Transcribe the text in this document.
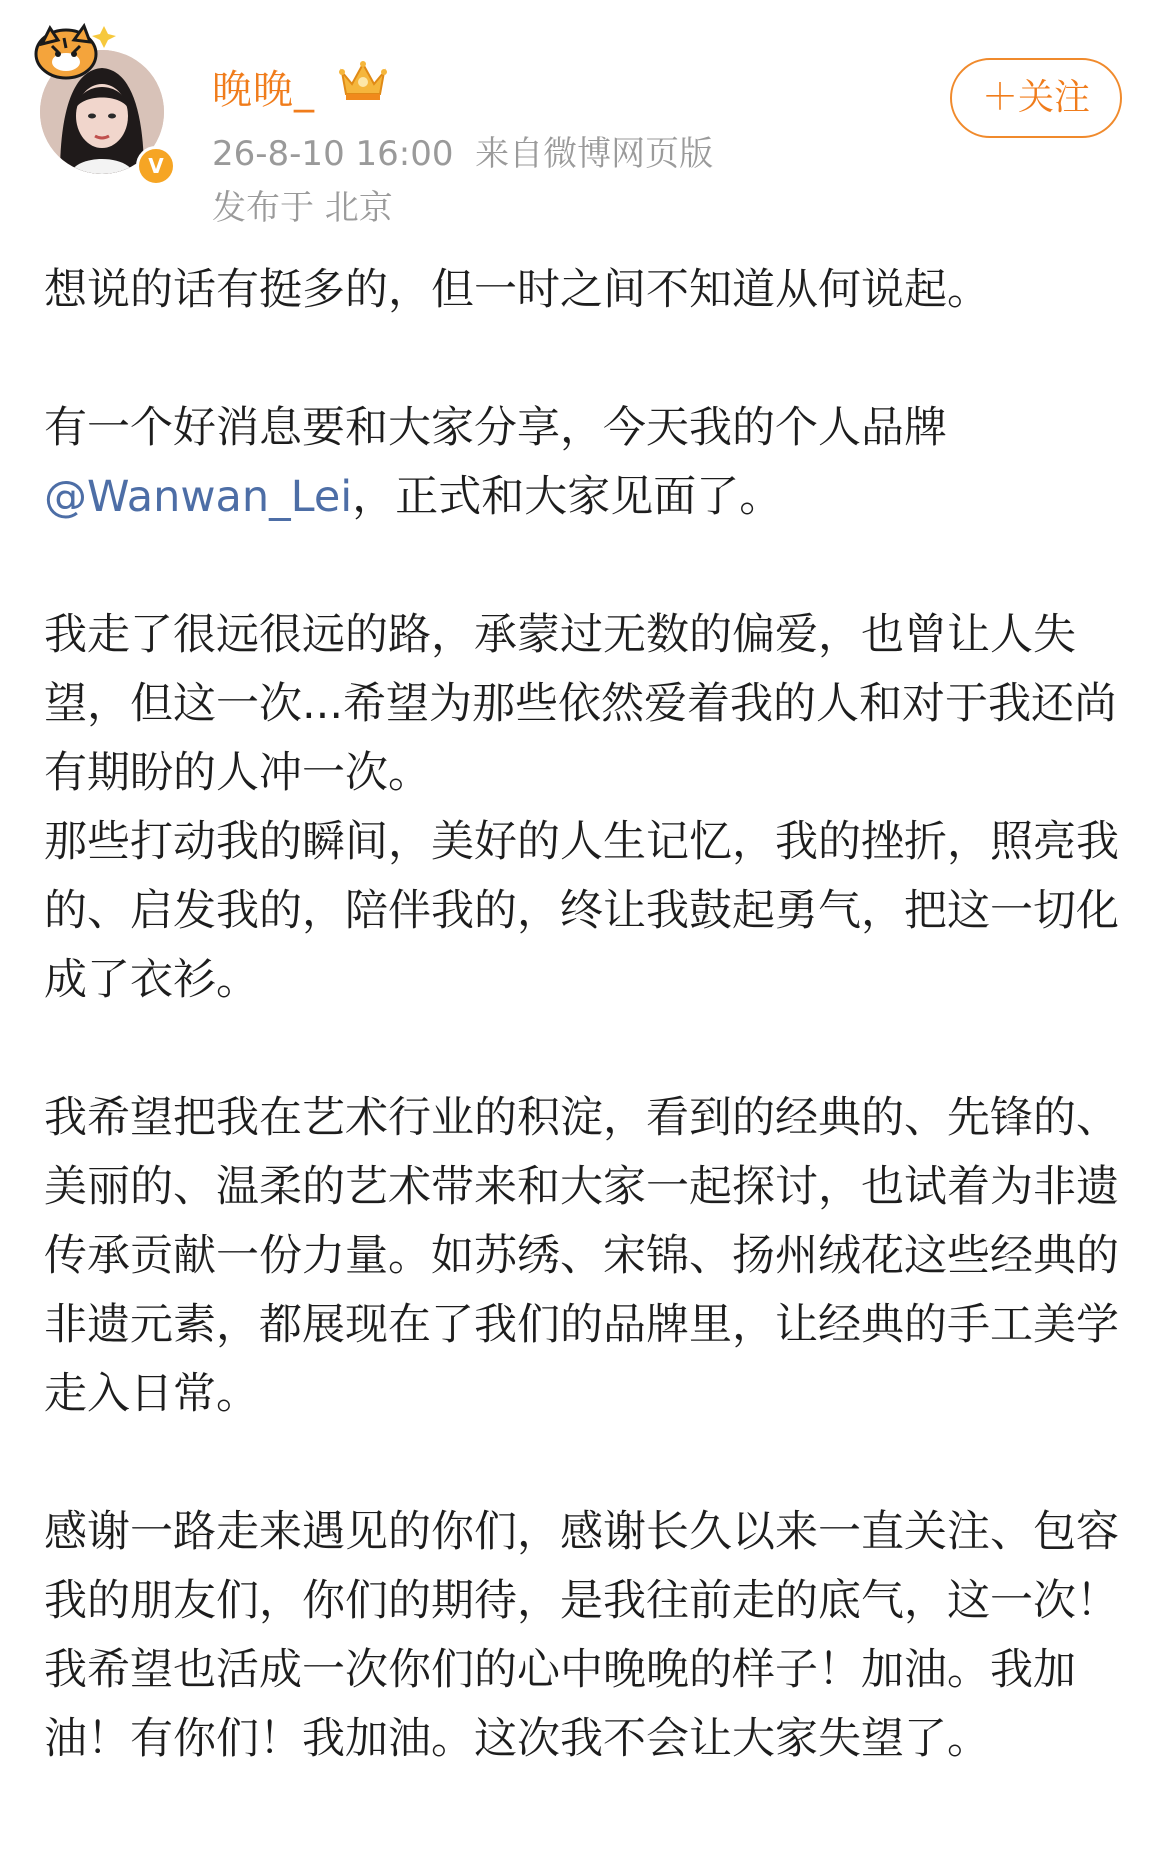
V
晚晚_
26-8-10 16:00 来自微博网页版
发布于 北京
＋关注

想说的话有挺多的，但一时之间不知道从何说起。

有一个好消息要和大家分享，今天我的个人品牌
@Wanwan_Lei，正式和大家见面了。

我走了很远很远的路，承蒙过无数的偏爱，也曾让人失望，但这一次...希望为那些依然爱着我的人和对于我还尚有期盼的人冲一次。

那些打动我的瞬间，美好的人生记忆，我的挫折，照亮我的、启发我的，陪伴我的，终让我鼓起勇气，把这一切化成了衣衫。

我希望把我在艺术行业的积淀，看到的经典的、先锋的、美丽的、温柔的艺术带来和大家一起探讨，也试着为非遗传承贡献一份力量。如苏绣、宋锦、扬州绒花这些经典的非遗元素，都展现在了我们的品牌里，让经典的手工美学走入日常。

感谢一路走来遇见的你们，感谢长久以来一直关注、包容我的朋友们，你们的期待，是我往前走的底气，这一次！我希望也活成一次你们的心中晚晚的样子！加油。我加油！有你们！我加油。这次我不会让大家失望了。
